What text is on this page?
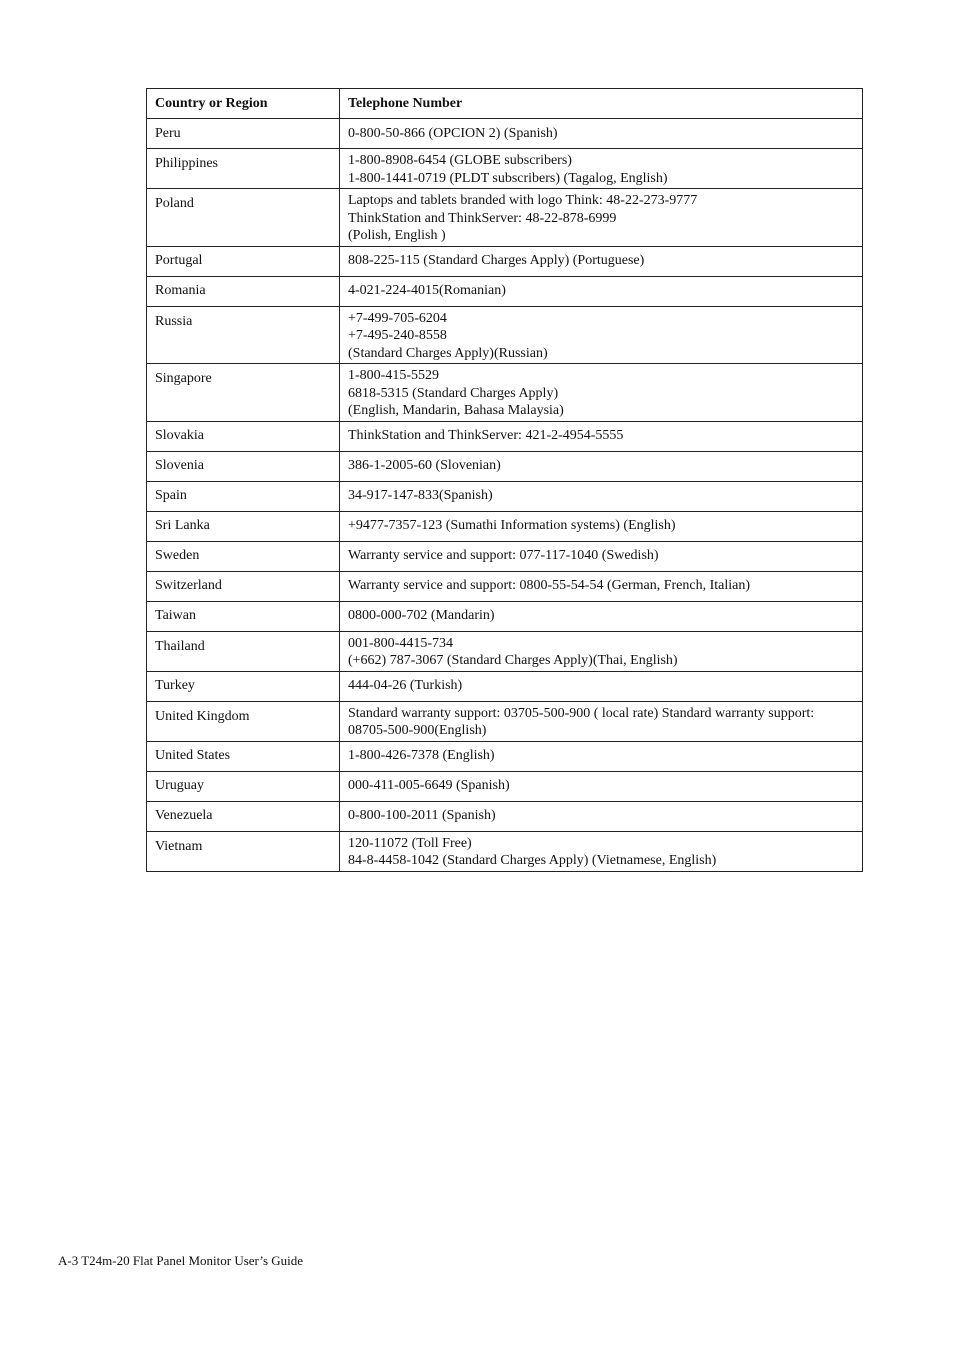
Country or Region	Telephone Number
Peru	0-800-50-866 (OPCION 2) (Spanish)

Philippines	1-800-8908-6454 (GLOBE subscribers)
1-800-1441-0719 (PLDT subscribers) (Tagalog, English)

Poland	Laptops and tablets branded with logo Think: 48-22-273-9777
ThinkStation and ThinkServer: 48-22-878-6999
(Polish, English )

Portugal	808-225-115 (Standard Charges Apply) (Portuguese)

Romania	4-021-224-4015(Romanian)

Russia	+7-499-705-6204
+7-495-240-8558
(Standard Charges Apply)(Russian)

Singapore	1-800-415-5529
6818-5315 (Standard Charges Apply)
(English, Mandarin, Bahasa Malaysia)

Slovakia	ThinkStation and ThinkServer: 421-2-4954-5555

Slovenia	386-1-2005-60 (Slovenian)

Spain	34-917-147-833(Spanish)

Sri Lanka	+9477-7357-123 (Sumathi Information systems) (English)

Sweden	Warranty service and support: 077-117-1040 (Swedish)

Switzerland	Warranty service and support: 0800-55-54-54 (German, French, Italian)

Taiwan	0800-000-702 (Mandarin)

Thailand	001-800-4415-734
(+662) 787-3067 (Standard Charges Apply)(Thai, English)

Turkey	444-04-26 (Turkish)

United Kingdom	Standard warranty support: 03705-500-900 ( local rate) Standard warranty support: 08705-500-900(English)

United States	1-800-426-7378 (English)

Uruguay	000-411-005-6649 (Spanish)

Venezuela	0-800-100-2011 (Spanish)

Vietnam	120-11072 (Toll Free)
84-8-4458-1042 (Standard Charges Apply) (Vietnamese, English)
A-3 T24m-20 Flat Panel Monitor User’s Guide
